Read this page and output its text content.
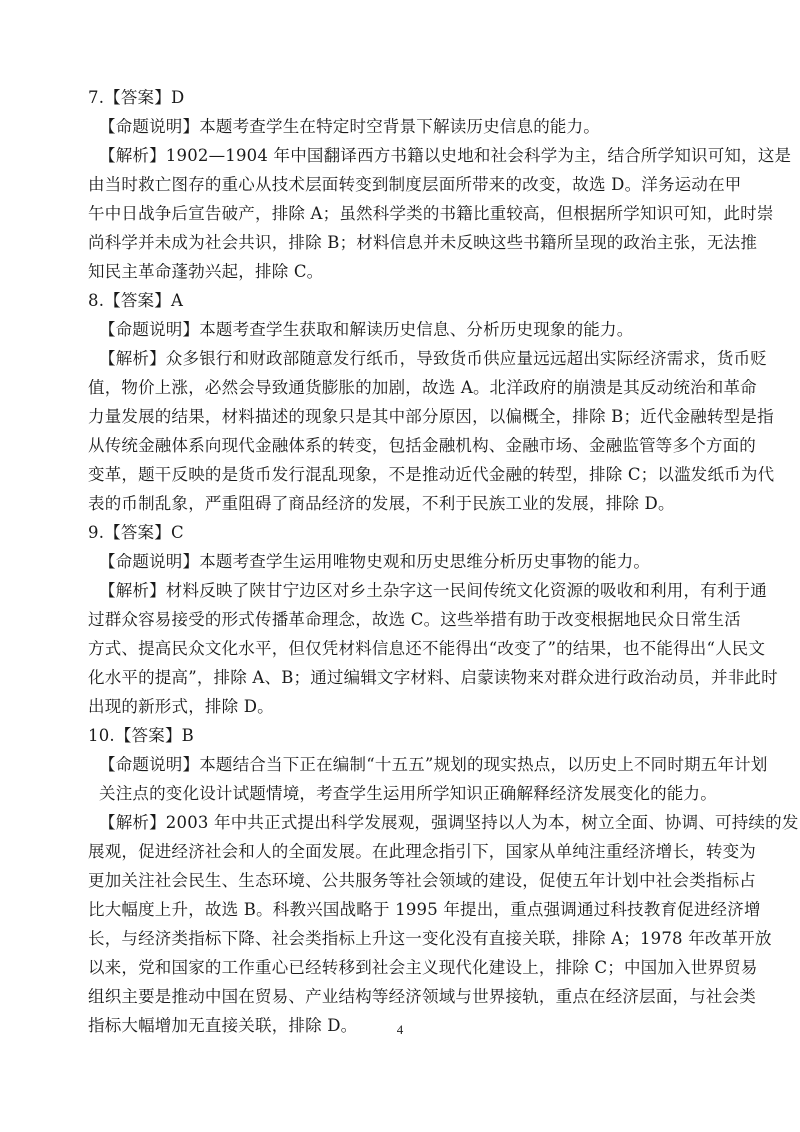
7.【答案】D
【命题说明】本题考查学生在特定时空背景下解读历史信息的能力。
【解析】1902—1904 年中国翻译西方书籍以史地和社会科学为主，结合所学知识可知，这是
由当时救亡图存的重心从技术层面转变到制度层面所带来的改变，故选 D。洋务运动在甲
午中日战争后宣告破产，排除 A；虽然科学类的书籍比重较高，但根据所学知识可知，此时崇
尚科学并未成为社会共识，排除 B；材料信息并未反映这些书籍所呈现的政治主张，无法推
知民主革命蓬勃兴起，排除 C。
8.【答案】A
【命题说明】本题考查学生获取和解读历史信息、分析历史现象的能力。
【解析】众多银行和财政部随意发行纸币，导致货币供应量远远超出实际经济需求，货币贬
值，物价上涨，必然会导致通货膨胀的加剧，故选 A。北洋政府的崩溃是其反动统治和革命
力量发展的结果，材料描述的现象只是其中部分原因，以偏概全，排除 B；近代金融转型是指
从传统金融体系向现代金融体系的转变，包括金融机构、金融市场、金融监管等多个方面的
变革，题干反映的是货币发行混乱现象，不是推动近代金融的转型，排除 C；以滥发纸币为代
表的币制乱象，严重阻碍了商品经济的发展，不利于民族工业的发展，排除 D。
9.【答案】C
【命题说明】本题考查学生运用唯物史观和历史思维分析历史事物的能力。
【解析】材料反映了陕甘宁边区对乡土杂字这一民间传统文化资源的吸收和利用，有利于通
过群众容易接受的形式传播革命理念，故选 C。这些举措有助于改变根据地民众日常生活
方式、提高民众文化水平，但仅凭材料信息还不能得出“改变了”的结果，也不能得出“人民文
化水平的提高”，排除 A、B；通过编辑文字材料、启蒙读物来对群众进行政治动员，并非此时
出现的新形式，排除 D。
10.【答案】B
【命题说明】本题结合当下正在编制“十五五”规划的现实热点，以历史上不同时期五年计划
关注点的变化设计试题情境，考查学生运用所学知识正确解释经济发展变化的能力。
【解析】2003 年中共正式提出科学发展观，强调坚持以人为本，树立全面、协调、可持续的发
展观，促进经济社会和人的全面发展。在此理念指引下，国家从单纯注重经济增长，转变为
更加关注社会民生、生态环境、公共服务等社会领域的建设，促使五年计划中社会类指标占
比大幅度上升，故选 B。科教兴国战略于 1995 年提出，重点强调通过科技教育促进经济增
长，与经济类指标下降、社会类指标上升这一变化没有直接关联，排除 A；1978 年改革开放
以来，党和国家的工作重心已经转移到社会主义现代化建设上，排除 C；中国加入世界贸易
组织主要是推动中国在贸易、产业结构等经济领域与世界接轨，重点在经济层面，与社会类
指标大幅增加无直接关联，排除 D。	4
